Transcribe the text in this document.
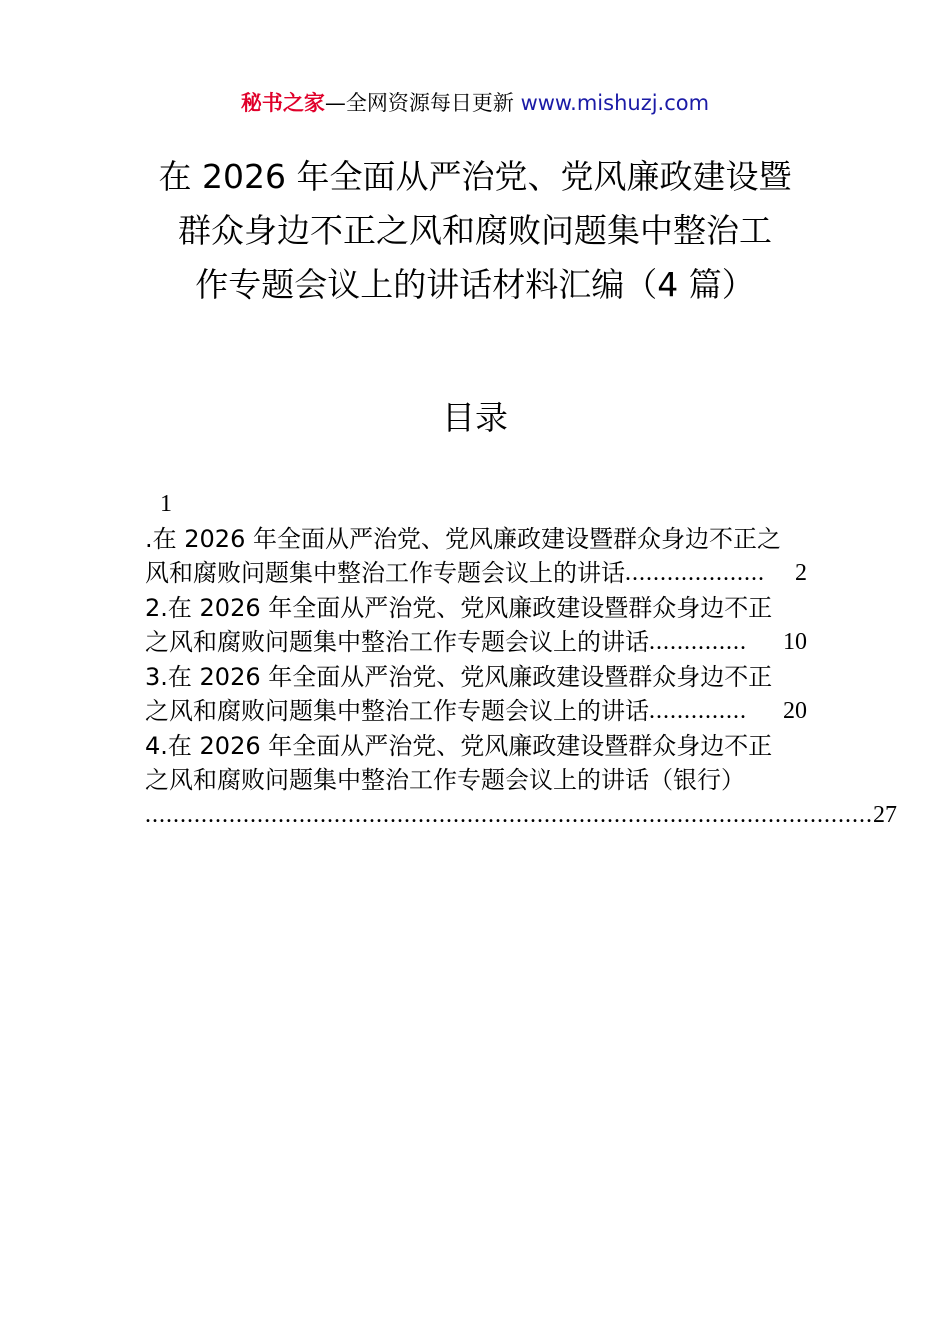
秘书之家—全网资源每日更新 www.mishuzj.com
在 2026 年全面从严治党、党风廉政建设暨
群众身边不正之风和腐败问题集中整治工
作专题会议上的讲话材料汇编（4 篇）
目录
1
.在 2026 年全面从严治党、党风廉政建设暨群众身边不正之
风和腐败问题集中整治工作专题会议上的讲话 ....................	2
2.在 2026 年全面从严治党、党风廉政建设暨群众身边不正
之风和腐败问题集中整治工作专题会议上的讲话 ..............	10
3.在 2026 年全面从严治党、党风廉政建设暨群众身边不正
之风和腐败问题集中整治工作专题会议上的讲话 ..............	20
4.在 2026 年全面从严治党、党风廉政建设暨群众身边不正
之风和腐败问题集中整治工作专题会议上的讲话（银行）
........................................................................................................ 27
